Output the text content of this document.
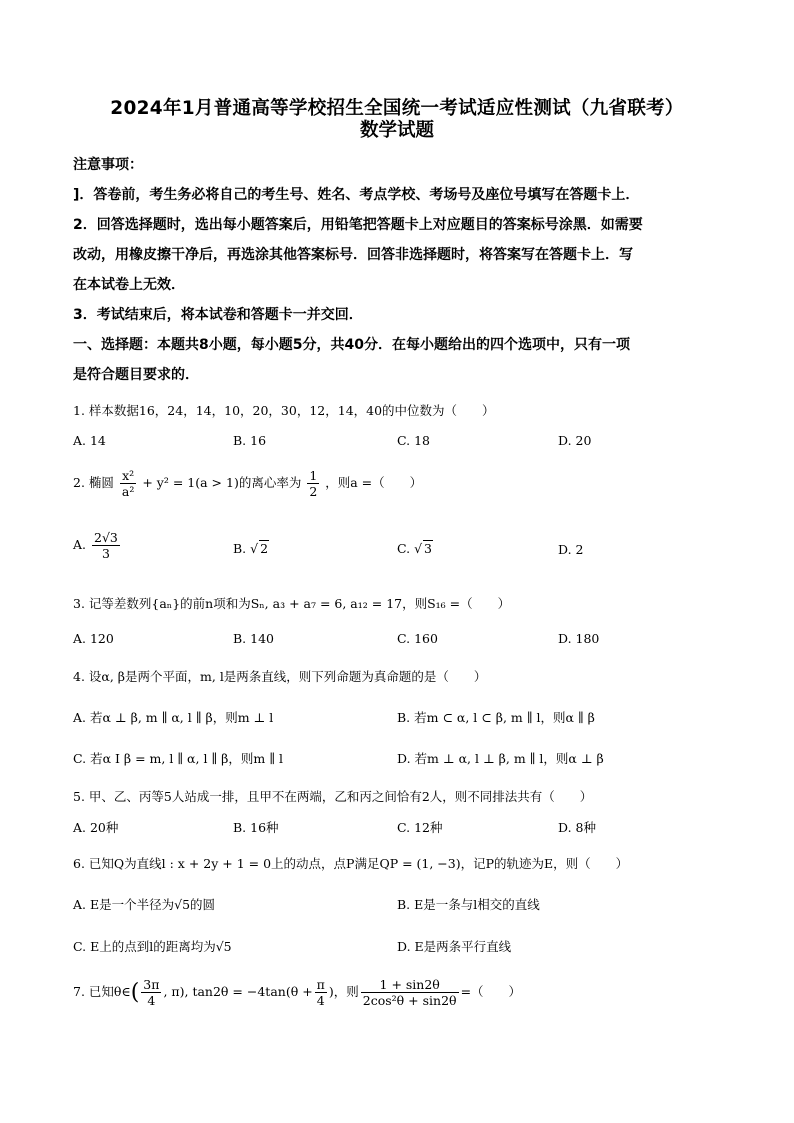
2024年1月普通高等学校招生全国统一考试适应性测试（九省联考）
数学试题
注意事项：
]．答卷前，考生务必将自己的考生号、姓名、考点学校、考场号及座位号填写在答题卡上．
2．回答选择题时，选出每小题答案后，用铅笔把答题卡上对应题目的答案标号涂黑．如需要
改动，用橡皮擦干净后，再选涂其他答案标号．回答非选择题时，将答案写在答题卡上．写
在本试卷上无效．
3．考试结束后，将本试卷和答题卡一并交回．
一、选择题：本题共8小题，每小题5分，共40分．在每小题给出的四个选项中，只有一项
是符合题目要求的．
1. 样本数据16，24，14，10，20，30，12，14，40的中位数为（　　）
A. 14	B. 16	C. 18	D. 20
2. 椭圆 $\frac{\text{x²}}{\text{a²}} + y^2 = 1(a > 1)$的离心率为 $\frac{1}{2}$ ，则a =（　　）
A. $\frac{2√3}{3}$	B. √ 2	C. √ 3	D. 2
3. 记等差数列{aₙ}的前n项和为Sₙ, a₃ + a₇ = 6, a₁₂ = 17，则S₁₆ =（　　）
A. 120	B. 140	C. 160	D. 180
4. 设α, β是两个平面，m, l是两条直线，则下列命题为真命题的是（　　）
A. 若α ⊥ β, m ∥ α, l ∥ β，则m ⊥ l	B. 若m ⊂ α, l ⊂ β, m ∥ l，则α ∥ β
C. 若α I β = m, l ∥ α, l ∥ β，则m ∥ l	D. 若m ⊥ α, l ⊥ β, m ∥ l，则α ⊥ β
5. 甲、乙、丙等5人站成一排，且甲不在两端，乙和丙之间恰有2人，则不同排法共有（　　）
A. 20种	B. 16种	C. 12种	D. 8种
6. 已知Q为直线l : x + 2y + 1 = 0上的动点，点P满足QP = (1, −3)，记P的轨迹为E，则（　　）
A. E是一个半径为√5的圆	B. E是一条与l相交的直线
C. E上的点到l的距离均为√5	D. E是两条平行直线
7. 已知θ∈( $\frac{3\pi}{4}$ , π), $\tan 2\theta = -4\tan(\theta + \frac{\pi}{4}$ )，则 $\frac{1 + \sin 2\theta}{\text{2cos²θ + sin2θ}}$ =（　　）
